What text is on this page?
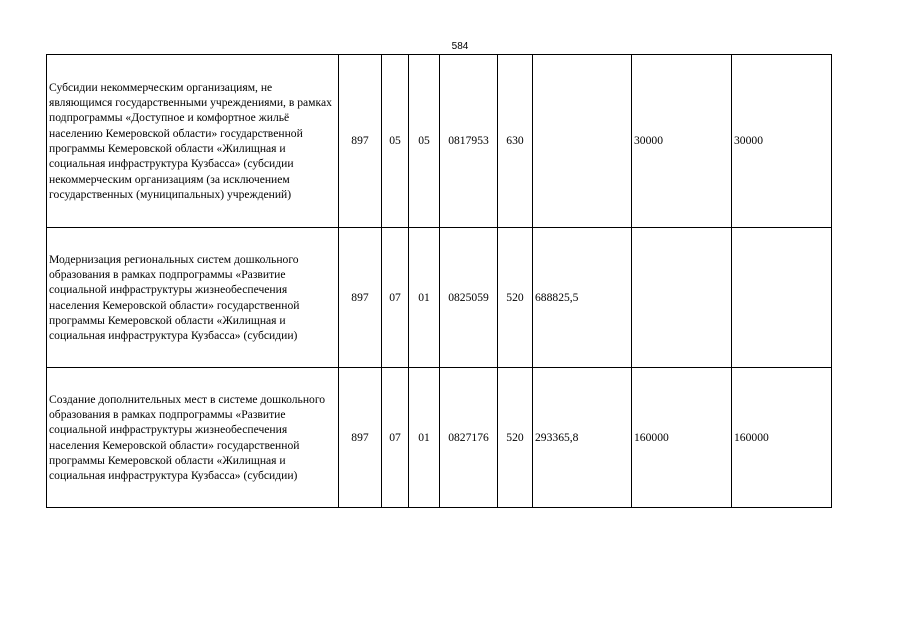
584
Субсидии некоммерческим организациям, не являющимся государственными учреждениями, в рамках подпрограммы «Доступное и комфортное жильё населению Кемеровской области» государственной программы Кемеровской области «Жилищная и социальная инфраструктура Кузбасса» (субсидии некоммерческим организациям (за исключением государственных (муниципальных) учреждений)	897	05	05	0817953	630		30000	30000
Модернизация региональных систем дошкольного образования в рамках подпрограммы «Развитие социальной инфраструктуры жизнеобеспечения населения Кемеровской области» государственной программы Кемеровской области «Жилищная и социальная инфраструктура Кузбасса» (субсидии)	897	07	01	0825059	520	688825,5		
Создание дополнительных мест в системе дошкольного образования в рамках подпрограммы «Развитие социальной инфраструктуры жизнеобеспечения населения Кемеровской области» государственной программы Кемеровской области «Жилищная и социальная инфраструктура Кузбасса» (субсидии)	897	07	01	0827176	520	293365,8	160000	160000
